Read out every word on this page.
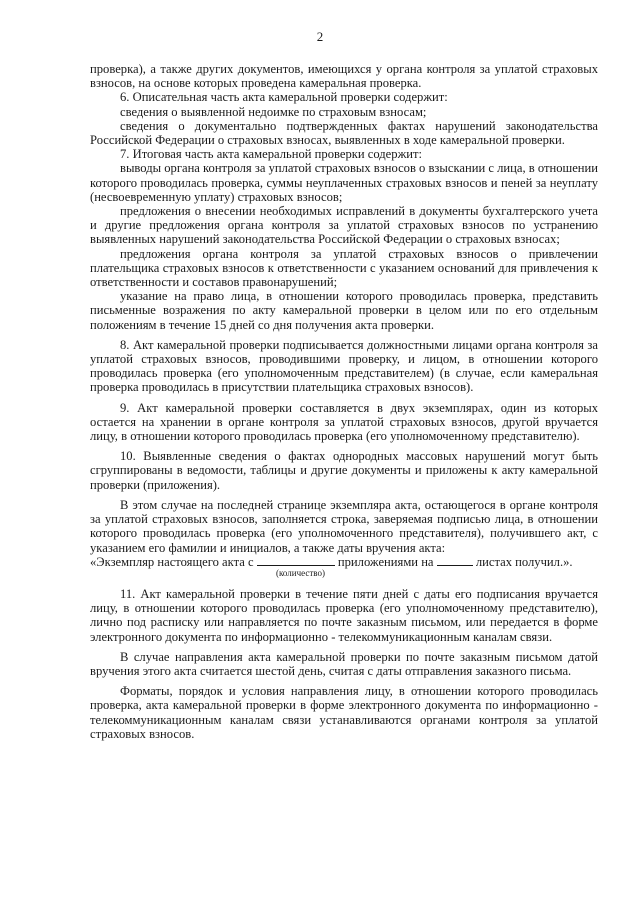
2

проверка), а также других документов, имеющихся у органа контроля за уплатой страховых взносов, на основе которых проведена камеральная проверка.

6. Описательная часть акта камеральной проверки содержит:

сведения о выявленной недоимке по страховым взносам;

сведения о документально подтвержденных фактах нарушений законодательства Российской Федерации о страховых взносах, выявленных в ходе камеральной проверки.

7. Итоговая часть акта камеральной проверки содержит:

выводы органа контроля за уплатой страховых взносов о взыскании с лица, в отношении которого проводилась проверка, суммы неуплаченных страховых взносов и пеней за неуплату (несвоевременную уплату) страховых взносов;

предложения о внесении необходимых исправлений в документы бухгалтерского учета и другие предложения органа контроля за уплатой страховых взносов по устранению выявленных нарушений законодательства Российской Федерации о страховых взносах;

предложения органа контроля за уплатой страховых взносов о привлечении плательщика страховых взносов к ответственности с указанием оснований для привлечения к ответственности и составов правонарушений;

указание на право лица, в отношении которого проводилась проверка, представить письменные возражения по акту камеральной проверки в целом или по его отдельным положениям в течение 15 дней со дня получения акта проверки.

8. Акт камеральной проверки подписывается должностными лицами органа контроля за уплатой страховых взносов, проводившими проверку, и лицом, в отношении которого проводилась проверка (его уполномоченным представителем) (в случае, если камеральная проверка проводилась в присутствии плательщика страховых взносов).

9. Акт камеральной проверки составляется в двух экземплярах, один из которых остается на хранении в органе контроля за уплатой страховых взносов, другой вручается лицу, в отношении которого проводилась проверка (его уполномоченному представителю).

10. Выявленные сведения о фактах однородных массовых нарушений могут быть сгруппированы в ведомости, таблицы и другие документы и приложены к акту камеральной проверки (приложения).

В этом случае на последней странице экземпляра акта, остающегося в органе контроля за уплатой страховых взносов, заполняется строка, заверяемая подписью лица, в отношении которого проводилась проверка (его уполномоченного представителя), получившего акт, с указанием его фамилии и инициалов, а также даты вручения акта:

«Экземпляр настоящего акта с	приложениями на	листах получил.».

(количество)

11. Акт камеральной проверки в течение пяти дней с даты его подписания вручается лицу, в отношении которого проводилась проверка (его уполномоченному представителю), лично под расписку или направляется по почте заказным письмом, или передается в форме электронного документа по информационно - телекоммуникационным каналам связи.

В случае направления акта камеральной проверки по почте заказным письмом датой вручения этого акта считается шестой день, считая с даты отправления заказного письма.

Форматы, порядок и условия направления лицу, в отношении которого проводилась проверка, акта камеральной проверки в форме электронного документа по информационно - телекоммуникационным каналам связи устанавливаются органами контроля за уплатой страховых взносов.
